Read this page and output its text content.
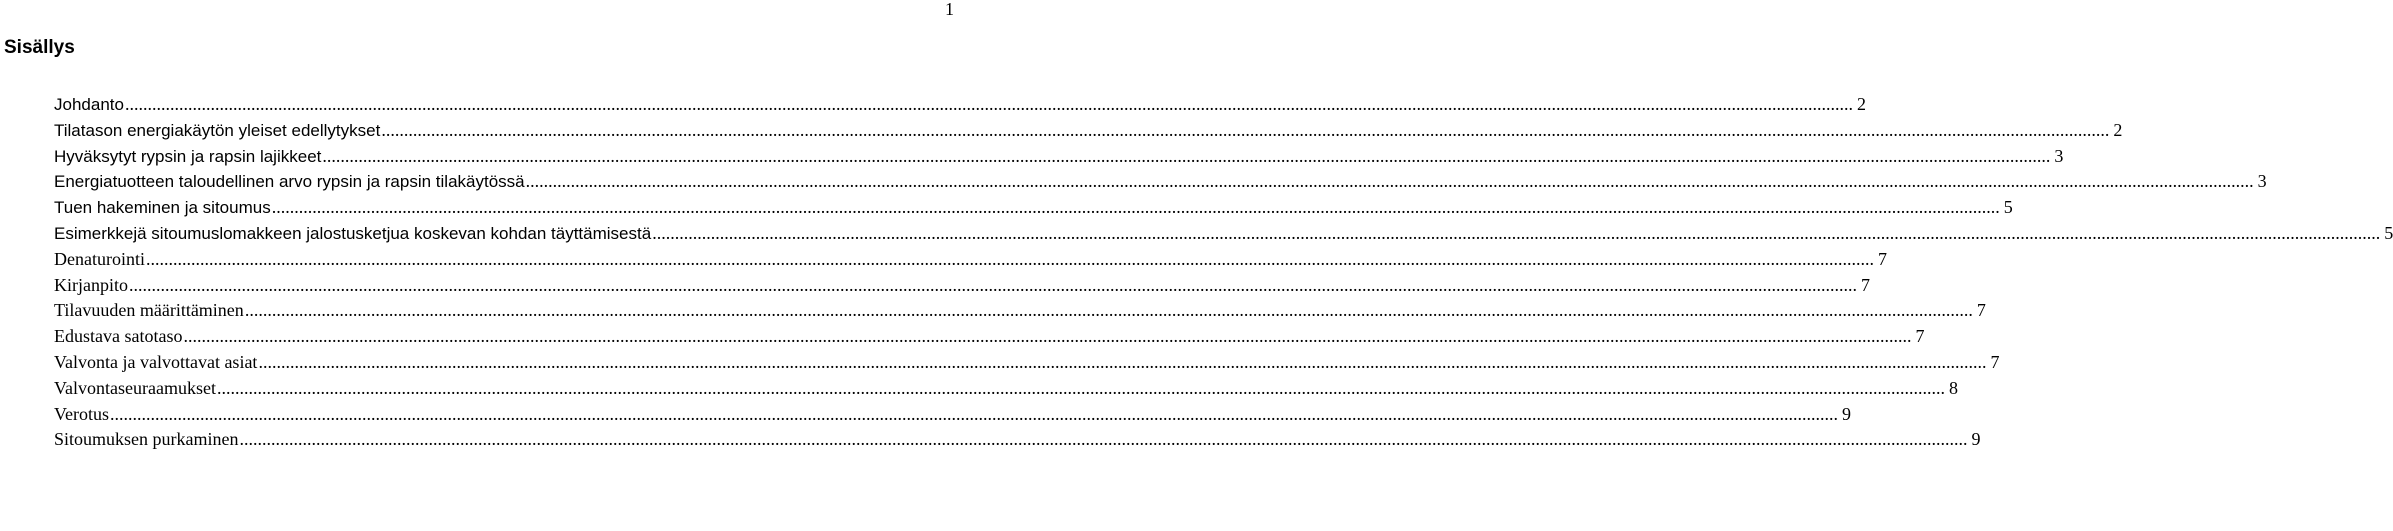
1
Sisällys
Johdanto .....	2
Tilatason energiakäytön yleiset edellytykset .....	2
Hyväksytyt rypsin ja rapsin lajikkeet .....	3
Energiatuotteen taloudellinen arvo rypsin ja rapsin tilakäytössä .....	3
Tuen hakeminen ja sitoumus .....	5
Esimerkkejä sitoumuslomakkeen jalostusketjua koskevan kohdan täyttämisestä .....	5
Denaturointi .....	7
Kirjanpito .....	7
Tilavuuden määrittäminen .....	7
Edustava satotaso .....	7
Valvonta ja valvottavat asiat .....	7
Valvontaseuraamukset .....	8
Verotus .....	9
Sitoumuksen purkaminen .....	9
